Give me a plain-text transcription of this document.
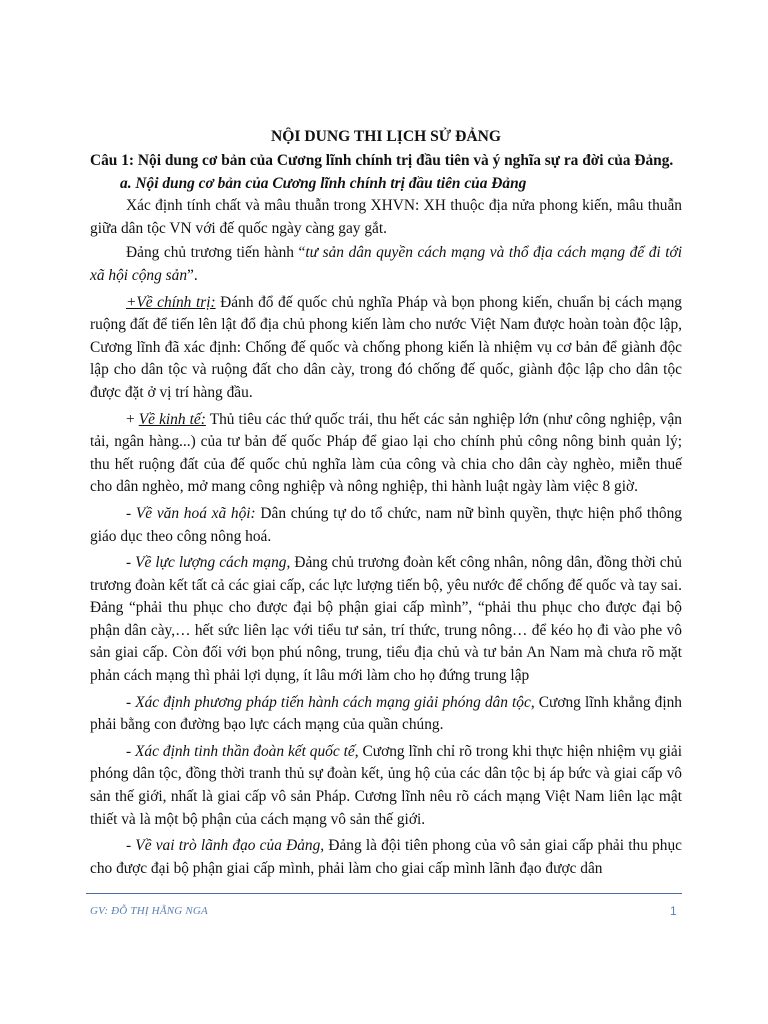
NỘI DUNG THI LỊCH SỬ ĐẢNG

Câu 1: Nội dung cơ bản của Cương lĩnh chính trị đầu tiên và ý nghĩa sự ra đời của Đảng.

a. Nội dung cơ bản của Cương lĩnh chính trị đầu tiên của Đảng

Xác định tính chất và mâu thuẫn trong XHVN: XH thuộc địa nửa phong kiến, mâu thuẫn giữa dân tộc VN với đế quốc ngày càng gay gắt.

Đảng chủ trương tiến hành “tư sản dân quyền cách mạng và thổ địa cách mạng để đi tới xã hội cộng sản”.

+Về chính trị: Đánh đổ đế quốc chủ nghĩa Pháp và bọn phong kiến, chuẩn bị cách mạng ruộng đất để tiến lên lật đổ địa chủ phong kiến làm cho nước Việt Nam được hoàn toàn độc lập, Cương lĩnh đã xác định: Chống đế quốc và chống phong kiến là nhiệm vụ cơ bản để giành độc lập cho dân tộc và ruộng đất cho dân cày, trong đó chống đế quốc, giành độc lập cho dân tộc được đặt ở vị trí hàng đầu.

+ Về kinh tế: Thủ tiêu các thứ quốc trái, thu hết các sản nghiệp lớn (như công nghiệp, vận tải, ngân hàng...) của tư bản đế quốc Pháp để giao lại cho chính phủ công nông binh quản lý; thu hết ruộng đất của đế quốc chủ nghĩa làm của công và chia cho dân cày nghèo, miễn thuế cho dân nghèo, mở mang công nghiệp và nông nghiệp, thi hành luật ngày làm việc 8 giờ.

- Về văn hoá xã hội: Dân chúng tự do tổ chức, nam nữ bình quyền, thực hiện phổ thông giáo dục theo công nông hoá.

- Về lực lượng cách mạng, Đảng chủ trương đoàn kết công nhân, nông dân, đồng thời chủ trương đoàn kết tất cả các giai cấp, các lực lượng tiến bộ, yêu nước để chống đế quốc và tay sai. Đảng “phải thu phục cho được đại bộ phận giai cấp mình”, “phải thu phục cho được đại bộ phận dân cày,… hết sức liên lạc với tiểu tư sản, trí thức, trung nông… để kéo họ đi vào phe vô sản giai cấp. Còn đối với bọn phú nông, trung, tiểu địa chủ và tư bản An Nam mà chưa rõ mặt phản cách mạng thì phải lợi dụng, ít lâu mới làm cho họ đứng trung lập

- Xác định phương pháp tiến hành cách mạng giải phóng dân tộc, Cương lĩnh khẳng định phải bằng con đường bạo lực cách mạng của quần chúng.

- Xác định tinh thần đoàn kết quốc tế, Cương lĩnh chỉ rõ trong khi thực hiện nhiệm vụ giải phóng dân tộc, đồng thời tranh thủ sự đoàn kết, ủng hộ của các dân tộc bị áp bức và giai cấp vô sản thế giới, nhất là giai cấp vô sản Pháp. Cương lĩnh nêu rõ cách mạng Việt Nam liên lạc mật thiết và là một bộ phận của cách mạng vô sản thế giới.

- Về vai trò lãnh đạo của Đảng, Đảng là đội tiên phong của vô sản giai cấp phải thu phục cho được đại bộ phận giai cấp mình, phải làm cho giai cấp mình lãnh đạo được dân

GV: ĐỖ THỊ HẰNG NGA	1
